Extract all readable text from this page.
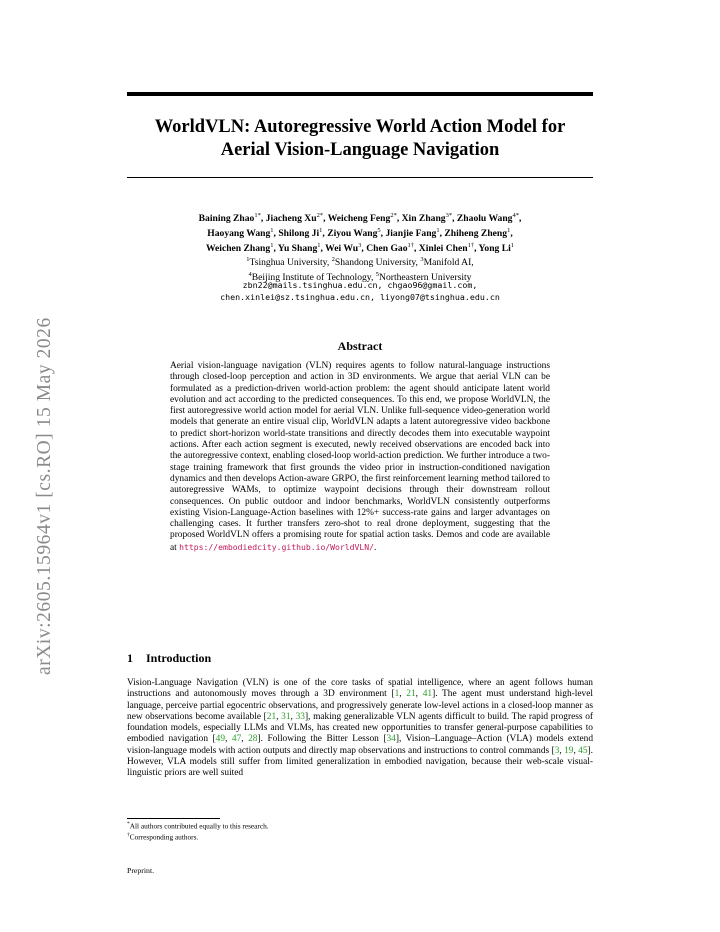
arXiv:2605.15964v1 [cs.RO] 15 May 2026
WorldVLN: Autoregressive World Action Model for
Aerial Vision-Language Navigation
Baining Zhao$^{1*}$, Jiacheng $Xu^{2*}$, Weicheng Feng$^{2*}$, Xin Zhang$^{3*}$, Zhaolu Wang$^{4*}$,
Haoyang Wang$^1$, Shilong Ji$^1$, Ziyou Wang$^5$, Jianjie Fang$^1$, Zhiheng Zheng$^1$,
Weichen Zhang$^1$, Yu Shang$^1$, Wei Wu$^3$, Chen Gao$^{1\dagger}$, Xinlei Chen$^{1\dagger}$, Yong Li$^1$
$^1$Tsinghua University, $^2$Shandong University, $^3$Manifold AI,
$^4$Beijing Institute of Technology, $^5$Northeastern University
zbn22@mails.tsinghua.edu.cn, chgao96@gmail.com,
chen.xinlei@sz.tsinghua.edu.cn, liyong07@tsinghua.edu.cn
Abstract
Aerial vision-language navigation (VLN) requires agents to follow natural-language instructions through closed-loop perception and action in 3D environments. We argue that aerial VLN can be formulated as a prediction-driven world-action problem: the agent should anticipate latent world evolution and act according to the predicted consequences. To this end, we propose WorldVLN, the first autoregressive world action model for aerial VLN. Unlike full-sequence video-generation world models that generate an entire visual clip, WorldVLN adapts a latent autoregressive video backbone to predict short-horizon world-state transitions and directly decodes them into executable waypoint actions. After each action segment is executed, newly received observations are encoded back into the autoregressive context, enabling closed-loop world-action prediction. We further introduce a two-stage training framework that first grounds the video prior in instruction-conditioned navigation dynamics and then develops Action-aware GRPO, the first reinforcement learning method tailored to autoregressive WAMs, to optimize waypoint decisions through their downstream rollout consequences. On public outdoor and indoor benchmarks, WorldVLN consistently outperforms existing Vision-Language-Action baselines with 12%+ success-rate gains and larger advantages on challenging cases. It further transfers zero-shot to real drone deployment, suggesting that the proposed WorldVLN offers a promising route for spatial action tasks. Demos and code are available at https://embodiedcity.github.io/WorldVLN/.
1 Introduction
Vision-Language Navigation (VLN) is one of the core tasks of spatial intelligence, where an agent follows human instructions and autonomously moves through a 3D environment [1, 21, 41]. The agent must understand high-level language, perceive partial egocentric observations, and progressively generate low-level actions in a closed-loop manner as new observations become available [21, 31, 33], making generalizable VLN agents difficult to build. The rapid progress of foundation models, especially LLMs and VLMs, has created new opportunities to transfer general-purpose capabilities to embodied navigation [49, 47, 28]. Following the Bitter Lesson [34], Vision–Language–Action (VLA) models extend vision-language models with action outputs and directly map observations and instructions to control commands [3, 19, 45]. However, VLA models still suffer from limited generalization in embodied navigation, because their web-scale visual-linguistic priors are well suited
*All authors contributed equally to this research.
†Corresponding authors.
Preprint.
